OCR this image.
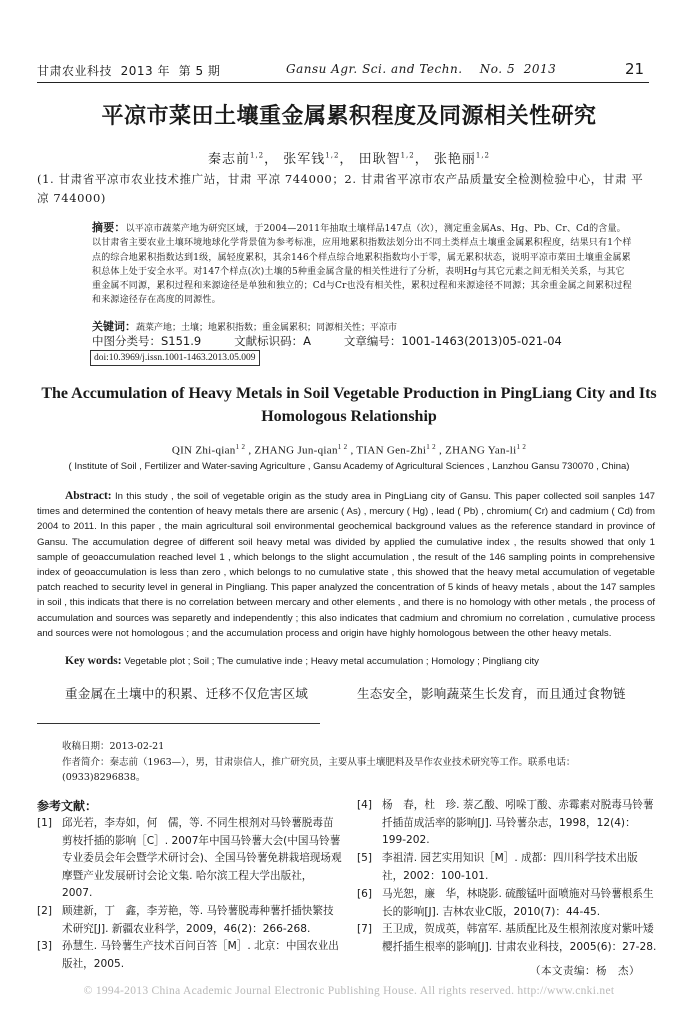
甘肃农业科技 2013 年 第 5 期	Gansu Agr. Sci. and Techn. No. 5 2013	21
平凉市菜田土壤重金属累积程度及同源相关性研究
秦志前$^{1,2}$， 张军钱$^{1,2}$， 田耿智$^{1,2}$， 张艳丽$^{1,2}$
(1. 甘肃省平凉市农业技术推广站，甘肃 平凉 744000；2. 甘肃省平凉市农产品质量安全检测检验中心，甘肃 平凉 744000)
摘要：以平凉市蔬菜产地为研究区域，于2004—2011年抽取土壤样品147点（次），测定重金属As、Hg、Pb、Cr、Cd的含量。以甘肃省主要农业土壤环境地球化学背景值为参考标准，应用地累积指数法划分出不同土类样点土壤重金属累积程度，结果只有1个样点的综合地累积指数达到1级，属轻度累积，其余146个样点综合地累积指数均小于零，属无累积状态，说明平凉市菜田土壤重金属累积总体上处于安全水平。对147个样点(次)土壤的5种重金属含量的相关性进行了分析，表明Hg与其它元素之间无相关关系，与其它重金属不同源，累积过程和来源途径是单独和独立的；Cd与Cr也没有相关性，累积过程和来源途径不同源；其余重金属之间累积过程和来源途径存在高度的同源性。
关键词：蔬菜产地；土壤；地累积指数；重金属累积；同源相关性；平凉市
中图分类号：S151.9	文献标识码：A	文章编号：1001-1463(2013)05-021-04
doi:10.3969/j.issn.1001-1463.2013.05.009
The Accumulation of Heavy Metals in Soil Vegetable Production in PingLiang City and Its Homologous Relationship
QIN Zhi-qian$^{1 2}$ , ZHANG Jun-qian$^{1 2}$ , TIAN Gen-Zhi$^{1 2}$ , ZHANG Yan-$li^{1 2}$
( Institute of Soil , Fertilizer and Water-saving Agriculture , Gansu Academy of Agricultural Sciences , Lanzhou Gansu 730070 , China)
Abstract: In this study , the soil of vegetable origin as the study area in PingLiang city of Gansu. This paper collected soil sanples 147 times and determined the contention of heavy metals there are arsenic ( As) , mercury ( Hg) , lead ( Pb) , chromium( Cr) and cadmium ( Cd) from 2004 to 2011. In this paper , the main agricultural soil environmental geochemical background values as the reference standard in province of Gansu. The accumulation degree of different soil heavy metal was divided by applied the cumulative index , the results showed that only 1 sample of geoaccumulation reached level 1 , which belongs to the slight accumulation , the result of the 146 sampling points in comprehensive index of geoaccumulation is less than zero , which belongs to no cumulative state , this showed that the heavy metal accumulation of vegetable patch reached to security level in general in Pingliang. This paper analyzed the concentration of 5 kinds of heavy metals , about the 147 samples in soil , this indicats that there is no correlation between mercary and other elements , and there is no homology with other metals , the process of accumulation and sources was separetly and independently ; this also indicates that cadmium and chromium no correlation , cumulative process and sources were not homologous ; and the accumulation process and origin have highly homologous between the other heavy metals.
Key words: Vegetable plot ; Soil ; The cumulative inde ; Heavy metal accumulation ; Homology ; Pingliang city
重金属在土壤中的积累、迁移不仅危害区域	生态安全，影响蔬菜生长发育，而且通过食物链
收稿日期：2013-02-21
作者简介：秦志前（1963—），男，甘肃崇信人，推广研究员，主要从事土壤肥料及旱作农业技术研究等工作。联系电话：(0933)8296838。
参考文献：
[1] 邱光若，李寿如，何　儒，等. 不同生根剂对马铃薯脱毒苗剪枝扦插的影响［C］. 2007年中国马铃薯大会(中国马铃薯专业委员会年会暨学术研讨会)、全国马铃薯免耕栽培现场观摩暨产业发展研讨会论文集. 哈尔滨工程大学出版社，2007.
[2] 顾建新，丁　鑫，李芳艳，等. 马铃薯脱毒种薯扦插快繁技术研究[J]. 新疆农业科学，2009，46(2)：266-268.
[3] 孙慧生. 马铃薯生产技术百问百答［M］. 北京：中国农业出版社，2005.
[4] 杨　春，杜　珍. 萘乙酸、吲哚丁酸、赤霉素对脱毒马铃薯扦插苗成活率的影响[J]. 马铃薯杂志，1998，12(4)：199-202.
[5] 李祖清. 园艺实用知识［M］. 成都：四川科学技术出版社，2002：100-101.
[6] 马光恕，廉　华，林晓影. 硫酸锰叶面喷施对马铃薯根系生长的影响[J]. 吉林农业C版，2010(7)：44-45.
[7] 王卫成，贺成英，韩富军. 基质配比及生根剂浓度对紫叶矮樱扦插生根率的影响[J]. 甘肃农业科技，2005(6)：27-28.
（本文责编：杨　杰）
© 1994-2013 China Academic Journal Electronic Publishing House. All rights reserved. http://www.cnki.net
